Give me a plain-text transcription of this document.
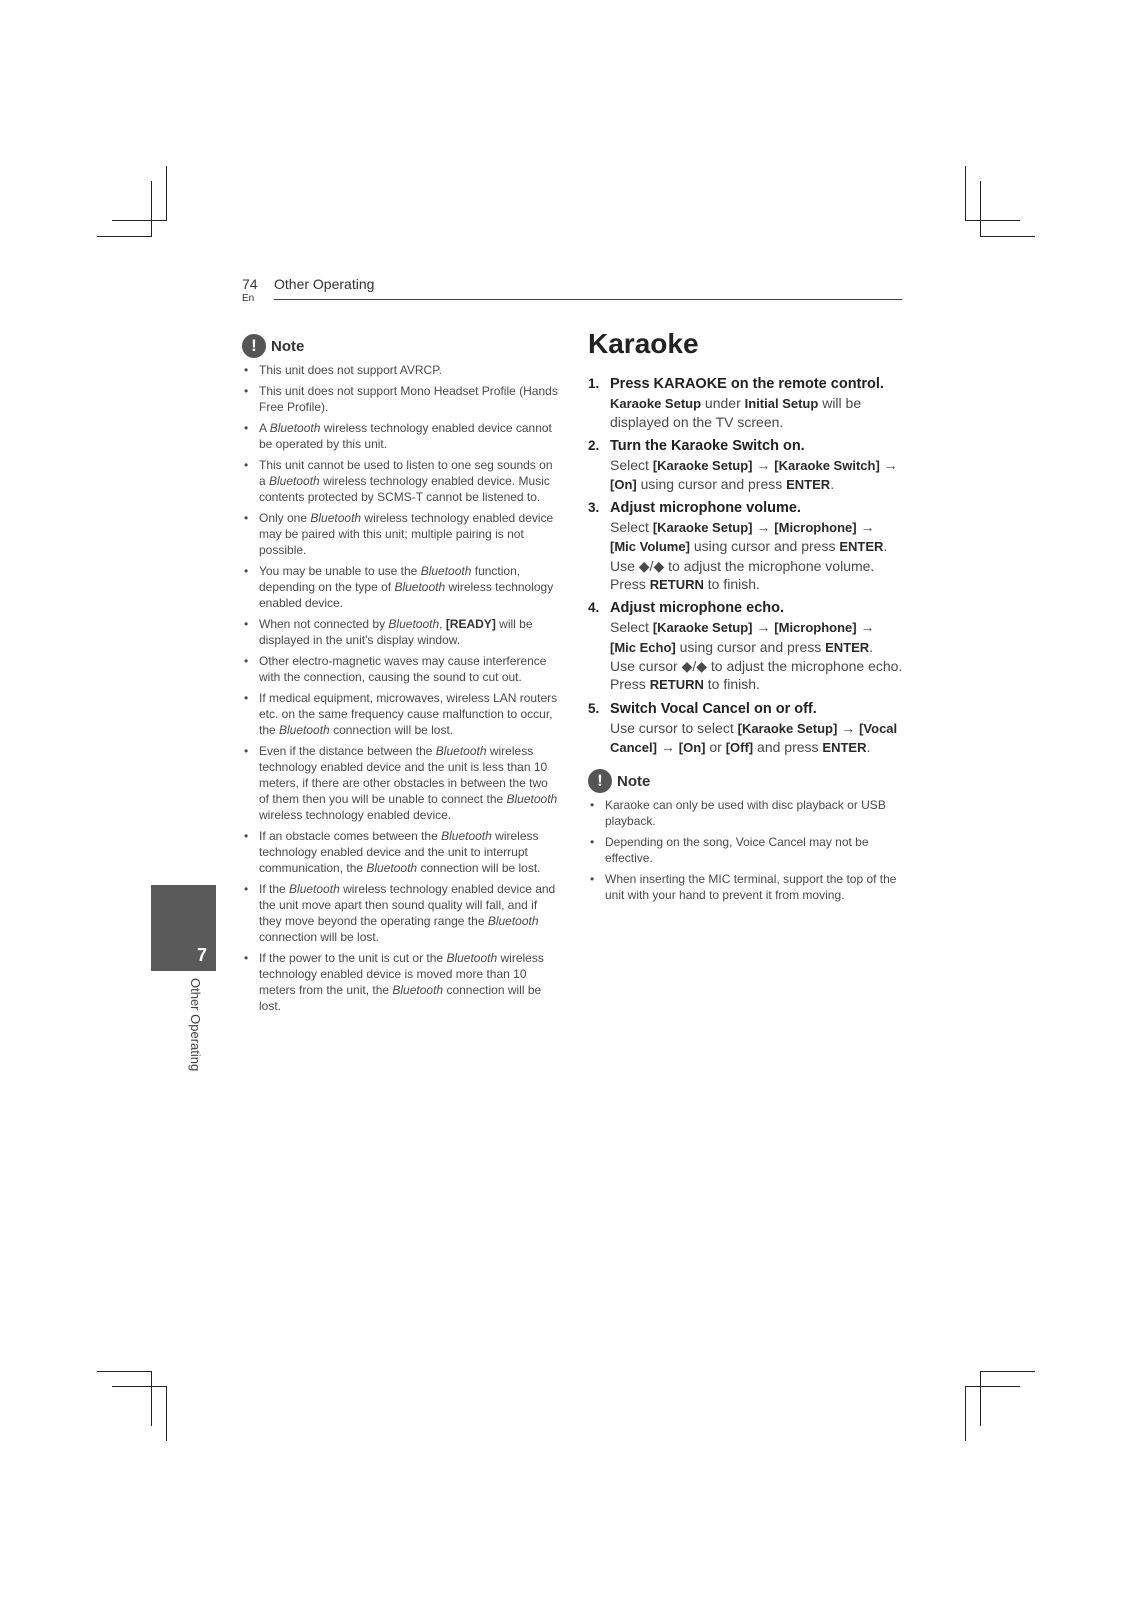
74
En
Other Operating
7
Other Operating
! Note
• This unit does not support AVRCP.
• This unit does not support Mono Headset Profile (Hands Free Profile).
• A Bluetooth wireless technology enabled device cannot be operated by this unit.
• This unit cannot be used to listen to one seg sounds on a Bluetooth wireless technology enabled device. Music contents protected by SCMS-T cannot be listened to.
• Only one Bluetooth wireless technology enabled device may be paired with this unit; multiple pairing is not possible.
• You may be unable to use the Bluetooth function, depending on the type of Bluetooth wireless technology enabled device.
• When not connected by Bluetooth, [READY] will be displayed in the unit's display window.
• Other electro-magnetic waves may cause interference with the connection, causing the sound to cut out.
• If medical equipment, microwaves, wireless LAN routers etc. on the same frequency cause malfunction to occur, the Bluetooth connection will be lost.
• Even if the distance between the Bluetooth wireless technology enabled device and the unit is less than 10 meters, if there are other obstacles in between the two of them then you will be unable to connect the Bluetooth wireless technology enabled device.
• If an obstacle comes between the Bluetooth wireless technology enabled device and the unit to interrupt communication, the Bluetooth connection will be lost.
• If the Bluetooth wireless technology enabled device and the unit move apart then sound quality will fall, and if they move beyond the operating range the Bluetooth connection will be lost.
• If the power to the unit is cut or the Bluetooth wireless technology enabled device is moved more than 10 meters from the unit, the Bluetooth connection will be lost.
Karaoke
1. Press KARAOKE on the remote control.
Karaoke Setup under Initial Setup will be displayed on the TV screen.
2. Turn the Karaoke Switch on.
Select [Karaoke Setup] → [Karaoke Switch] → [On] using cursor and press ENTER.
3. Adjust microphone volume.
Select [Karaoke Setup] → [Microphone] → [Mic Volume] using cursor and press ENTER.
Use ◆/◆ to adjust the microphone volume.
Press RETURN to finish.
4. Adjust microphone echo.
Select [Karaoke Setup] → [Microphone] → [Mic Echo] using cursor and press ENTER.
Use cursor ◆/◆ to adjust the microphone echo.
Press RETURN to finish.
5. Switch Vocal Cancel on or off.
Use cursor to select [Karaoke Setup] → [Vocal Cancel] → [On] or [Off] and press ENTER.
! Note
• Karaoke can only be used with disc playback or USB playback.
• Depending on the song, Voice Cancel may not be effective.
• When inserting the MIC terminal, support the top of the unit with your hand to prevent it from moving.
